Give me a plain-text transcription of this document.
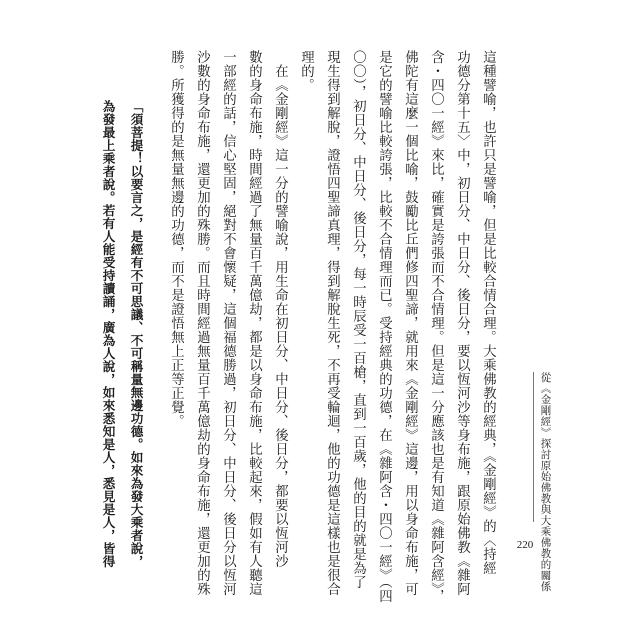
從《金剛經》探討原始佛教與大乘佛教的關係

220

這種譬喻，也許只是譬喻，但是比較合情合理。大乘佛教的經典，《金剛經》的〈持經

功德分第十五〉中，初日分、中日分、後日分，要以恆河沙等身布施，跟原始佛教《雜阿

含・四〇一經》來比，確實是誇張而不合情理。但是這一分應該也是有知道《雜阿含經》，

佛陀有這麼一個比喻，鼓勵比丘們修四聖諦，就用來《金剛經》這邊，用以身命布施，可

是它的譬喻比較誇張，比較不合情理而已。受持經典的功德，在《雜阿含・四〇一經》（四

〇〇），初日分、中日分、後日分，每一時辰受一百槍，直到一百歲，他的目的就是為了

現生得到解脫，證悟四聖諦真理，得到解脫生死，不再受輪迴，他的功德是這樣也是很合

理的。

　在《金剛經》這一分的譬喻說，用生命在初日分、中日分、後日分，都要以恆河沙

數的身命布施，時間經過了無量百千萬億劫，都是以身命布施，比較起來，假如有人聽這

一部經的話，信心堅固，絕對不會懷疑，這個福德勝過，初日分、中日分、後日分以恆河

沙數的身命布施，還更加的殊勝。而且時間經過無量百千萬億劫的身命布施，還更加的殊

勝。所獲得的是無量無邊的功德，而不是證悟無上正等正覺。

「須菩提！以要言之，是經有不可思議、不可稱量無邊功德。如來為發大乘者說，

為發最上乘者說。若有人能受持讀誦，廣為人說，如來悉知是人，悉見是人，皆得
